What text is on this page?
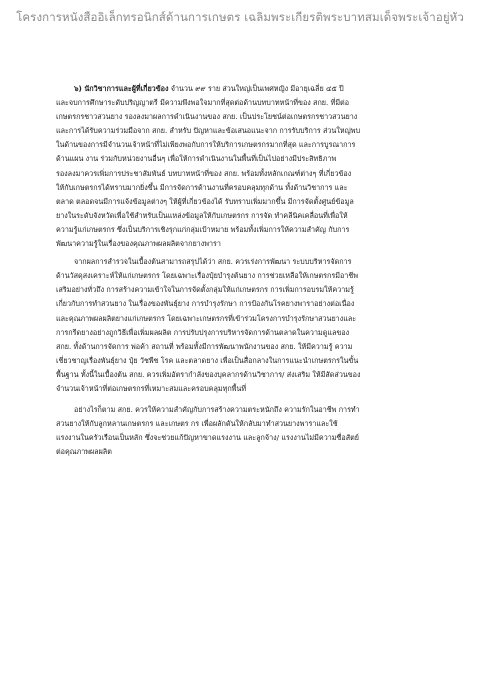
โครงการหนังสืออิเล็กทรอนิกส์ด้านการเกษตร เฉลิมพระเกียรติพระบาทสมเด็จพระเจ้าอยู่หัว

๖) นักวิชาการและผู้ที่เกี่ยวข้อง จำนวน ๙๙ ราย ส่วนใหญ่เป็นเพศหญิง มีอายุเฉลี่ย ๔๕ ปี
และจบการศึกษาระดับปริญญาตรี มีความพึงพอใจมากที่สุดต่อด้านบทบาทหน้าที่ของ สกย. ที่มีต่อ
เกษตรกรชาวสวนยาง รองลงมาผลการดำเนินงานของ สกย. เป็นประโยชน์ต่อเกษตรกรชาวสวนยาง
และการได้รับความร่วมมือจาก สกย. สำหรับ ปัญหาและข้อเสนอแนะจาก การรับบริการ ส่วนใหญ่พบ
ในด้านของการมีจำนวนเจ้าหน้าที่ไม่เพียงพอกับการให้บริการเกษตรกรมากที่สุด และการบูรณาการ
ด้านแผน งาน ร่วมกับหน่วยงานอื่นๆ เพื่อให้การดำเนินงานในพื้นที่เป็นไปอย่างมีประสิทธิภาพ
รองลงมาควรเพิ่มการประชาสัมพันธ์ บทบาทหน้าที่ของ สกย. พร้อมทั้งหลักเกณฑ์ต่างๆ ที่เกี่ยวข้อง
ให้กับเกษตรกรได้ทราบมากยิ่งขึ้น มีการจัดการด้านงานที่ครอบคลุมทุกด้าน ทั้งด้านวิชาการ และ
ตลาด ตลอดจนมีการแจ้งข้อมูลต่างๆ ให้ผู้ที่เกี่ยวข้องได้ รับทราบเพิ่มมากขึ้น มีการจัดตั้งศูนย์ข้อมูล
ยางในระดับจังหวัดเพื่อใช้สำหรับเป็นแหล่งข้อมูลให้กับเกษตรกร การจัด ทำคลีนิคเคลื่อนที่เพื่อให้
ความรู้แก่เกษตรกร ซึ่งเป็นบริการเชิงรุกแก่กลุ่มเป้าหมาย พร้อมทั้งเพิ่มการให้ความสำคัญ กับการ
พัฒนาความรู้ในเรื่องของคุณภาพผลผลิตจากยางพารา

จากผลการสำรวจในเบื้องต้นสามารถสรุปได้ว่า สกย. ควรเร่งการพัฒนา ระบบบริหารจัดการ
ด้านวัสดุสงเคราะห์ให้แก่เกษตรกร โดยเฉพาะเรื่องปุ๋ยบำรุงต้นยาง การช่วยเหลือให้เกษตรกรมีอาชีพ
เสริมอย่างทั่วถึง การสร้างความเข้าใจในการจัดตั้งกลุ่มให้แก่เกษตรกร การเพิ่มการอบรมให้ความรู้
เกี่ยวกับการทำสวนยาง ในเรื่องของพันธุ์ยาง การบำรุงรักษา การป้องกันโรคยางพาราอย่างต่อเนื่อง
และคุณภาพผลผลิตยางแก่เกษตรกร โดยเฉพาะเกษตรกรที่เข้าร่วมโครงการบำรุงรักษาสวนยางและ
การกรีดยางอย่างถูกวิธีเพื่อเพิ่มผลผลิต การปรับปรุงการบริหารจัดการด้านตลาดในความดูแลของ
สกย. ทั้งด้านการจัดการ พ่อค้า สถานที่ พร้อมทั้งมีการพัฒนาพนักงานของ สกย. ให้มีความรู้ ความ
เชี่ยวชาญเรื่องพันธุ์ยาง ปุ๋ย วัชพืช โรค และตลาดยาง เพื่อเป็นสื่อกลางในการแนะนำเกษตรกรในขั้น
พื้นฐาน ทั้งนี้ในเบื้องต้น สกย. ควรเพิ่มอัตรากำลังของบุคลากรด้านวิชาการ/ ส่งเสริม ให้มีสัดส่วนของ
จำนวนเจ้าหน้าที่ต่อเกษตรกรที่เหมาะสมและครอบคลุมทุกพื้นที่

อย่างไรก็ตาม สกย. ควรให้ความสำคัญกับการสร้างความตระหนักถึง ความรักในอาชีพ การทำ
สวนยางให้กับลูกหลานเกษตรกร และเกษตร กร เพื่อผลักดันให้กลับมาทำสวนยางพาราและใช้
แรงงานในครัวเรือนเป็นหลัก ซึ่งจะช่วยแก้ปัญหาขาดแรงงาน และลูกจ้าง/ แรงงานไม่มีความซื่อสัตย์
ต่อคุณภาพผลผลิต
